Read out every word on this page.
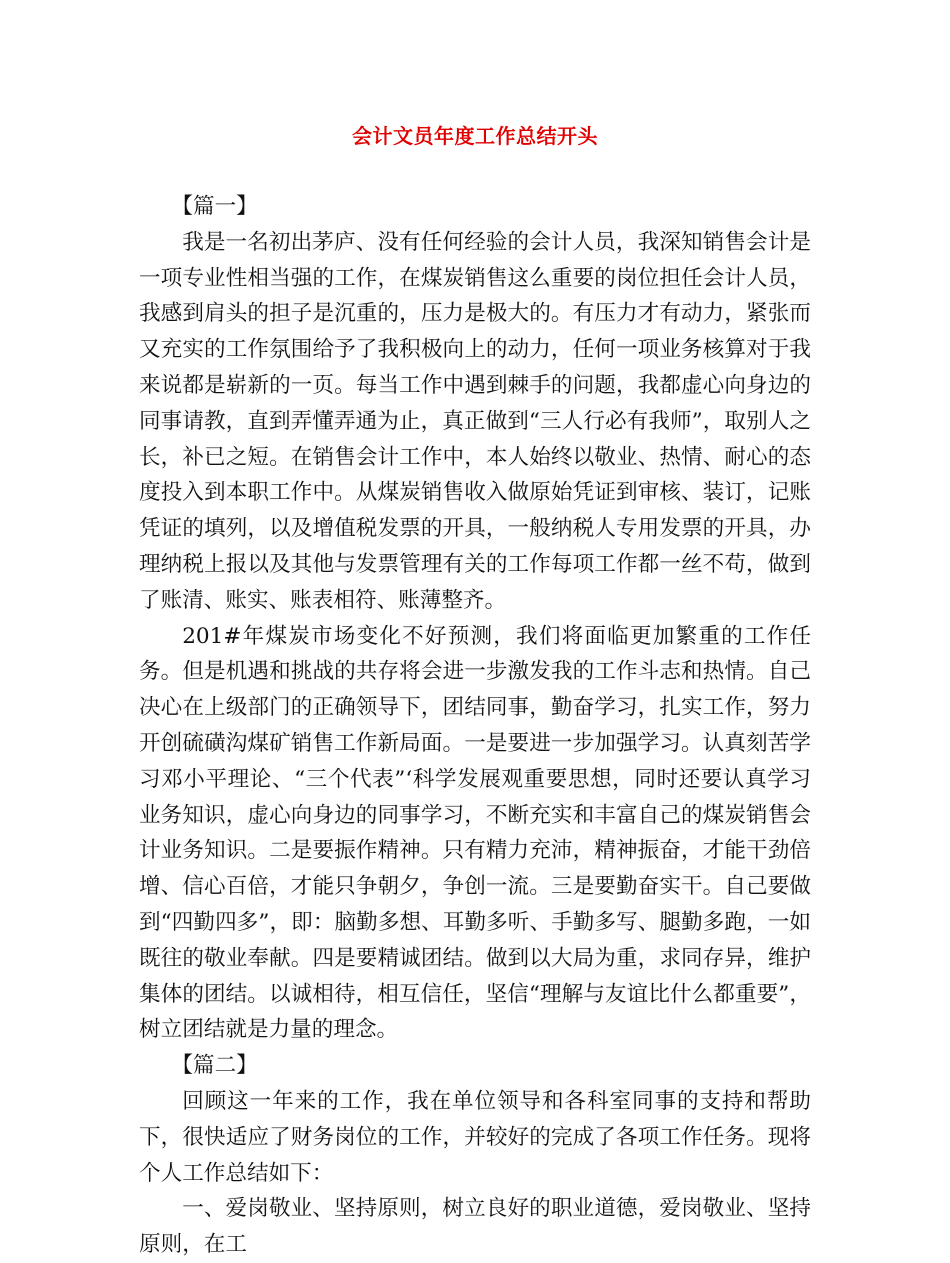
会计文员年度工作总结开头

【篇一】

我是一名初出茅庐、没有任何经验的会计人员，我深知销售会计是一项专业性相当强的工作，在煤炭销售这么重要的岗位担任会计人员，我感到肩头的担子是沉重的，压力是极大的。有压力才有动力，紧张而又充实的工作氛围给予了我积极向上的动力，任何一项业务核算对于我来说都是崭新的一页。每当工作中遇到棘手的问题，我都虚心向身边的同事请教，直到弄懂弄通为止，真正做到“三人行必有我师”，取别人之长，补已之短。在销售会计工作中，本人始终以敬业、热情、耐心的态度投入到本职工作中。从煤炭销售收入做原始凭证到审核、装订，记账凭证的填列，以及增值税发票的开具，一般纳税人专用发票的开具，办理纳税上报以及其他与发票管理有关的工作每项工作都一丝不苟，做到了账清、账实、账表相符、账薄整齐。

201#年煤炭市场变化不好预测，我们将面临更加繁重的工作任务。但是机遇和挑战的共存将会进一步激发我的工作斗志和热情。自己决心在上级部门的正确领导下，团结同事，勤奋学习，扎实工作，努力开创硫磺沟煤矿销售工作新局面。一是要进一步加强学习。认真刻苦学习邓小平理论、“三个代表”‘科学发展观重要思想，同时还要认真学习业务知识，虚心向身边的同事学习，不断充实和丰富自己的煤炭销售会计业务知识。二是要振作精神。只有精力充沛，精神振奋，才能干劲倍增、信心百倍，才能只争朝夕，争创一流。三是要勤奋实干。自己要做到“四勤四多”，即：脑勤多想、耳勤多听、手勤多写、腿勤多跑，一如既往的敬业奉献。四是要精诚团结。做到以大局为重，求同存异，维护集体的团结。以诚相待，相互信任，坚信“理解与友谊比什么都重要”，树立团结就是力量的理念。

【篇二】

回顾这一年来的工作，我在单位领导和各科室同事的支持和帮助下，很快适应了财务岗位的工作，并较好的完成了各项工作任务。现将个人工作总结如下：

一、爱岗敬业、坚持原则，树立良好的职业道德，爱岗敬业、坚持原则，在工
